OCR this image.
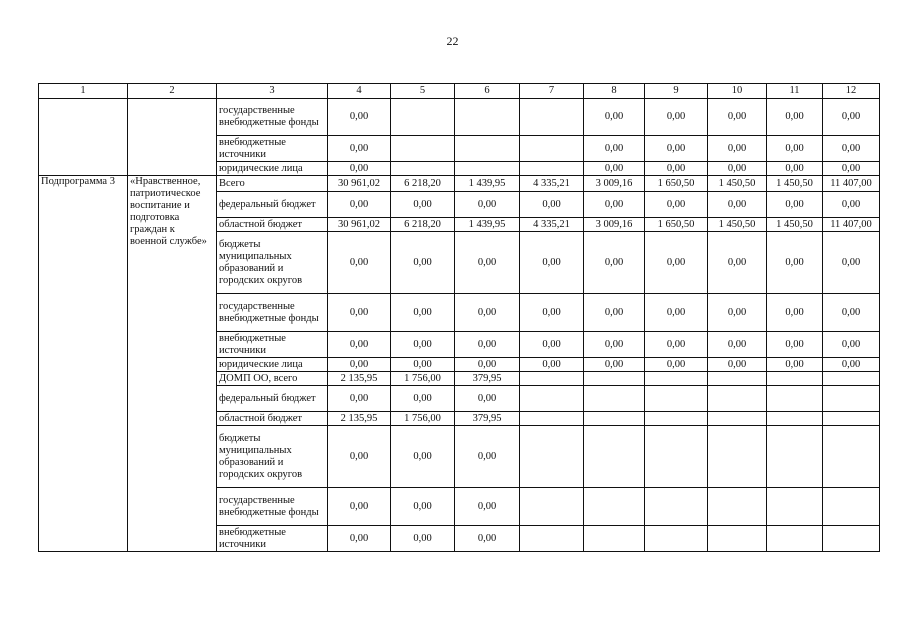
22
1	2	3	4	5	6	7	8	9	10	11	12
		государственные внебюджетные фонды	0,00				0,00	0,00	0,00	0,00	0,00
		внебюджетные источники	0,00				0,00	0,00	0,00	0,00	0,00
		юридические лица	0,00				0,00	0,00	0,00	0,00	0,00
Подпрограмма 3	«Нравственное, патриотическое воспитание и подготовка граждан к военной службе»	Всего	30 961,02	6 218,20	1 439,95	4 335,21	3 009,16	1 650,50	1 450,50	1 450,50	11 407,00
		федеральный бюджет	0,00	0,00	0,00	0,00	0,00	0,00	0,00	0,00	0,00
		областной бюджет	30 961,02	6 218,20	1 439,95	4 335,21	3 009,16	1 650,50	1 450,50	1 450,50	11 407,00
		бюджеты муниципальных образований и городских округов	0,00	0,00	0,00	0,00	0,00	0,00	0,00	0,00	0,00
		государственные внебюджетные фонды	0,00	0,00	0,00	0,00	0,00	0,00	0,00	0,00	0,00
		внебюджетные источники	0,00	0,00	0,00	0,00	0,00	0,00	0,00	0,00	0,00
		юридические лица	0,00	0,00	0,00	0,00	0,00	0,00	0,00	0,00	0,00
		ДОМП ОО, всего	2 135,95	1 756,00	379,95						
		федеральный бюджет	0,00	0,00	0,00						
		областной бюджет	2 135,95	1 756,00	379,95						
		бюджеты муниципальных образований и городских округов	0,00	0,00	0,00						
		государственные внебюджетные фонды	0,00	0,00	0,00						
		внебюджетные источники	0,00	0,00	0,00						
